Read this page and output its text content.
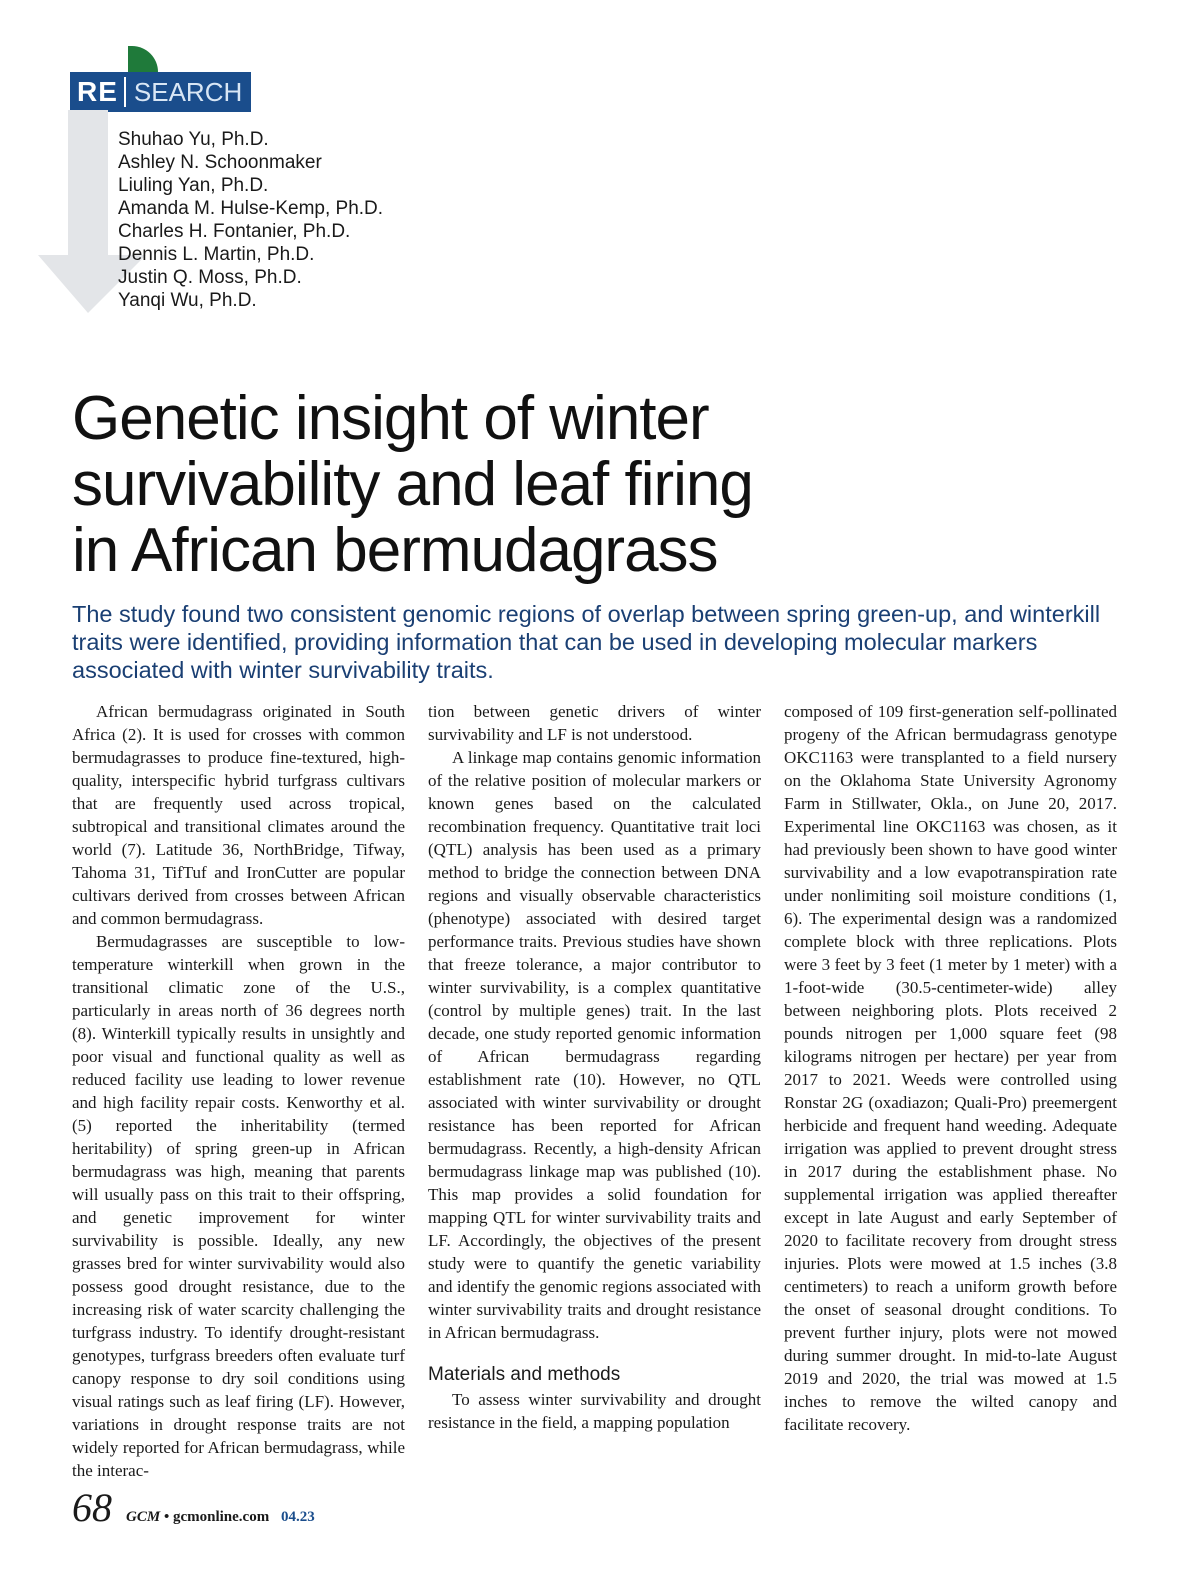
RE SEARCH
Shuhao Yu, Ph.D.
Ashley N. Schoonmaker
Liuling Yan, Ph.D.
Amanda M. Hulse-Kemp, Ph.D.
Charles H. Fontanier, Ph.D.
Dennis L. Martin, Ph.D.
Justin Q. Moss, Ph.D.
Yanqi Wu, Ph.D.
Genetic insight of winter
survivability and leaf firing
in African bermudagrass

The study found two consistent genomic regions of overlap between spring green-up, and winterkill traits were identified, providing information that can be used in developing molecular markers associated with winter survivability traits.

African bermudagrass originated in South Africa (2). It is used for crosses with common bermudagrasses to produce fine-textured, high-quality, interspecific hybrid turfgrass cultivars that are frequently used across tropical, subtropical and transitional climates around the world (7). Latitude 36, NorthBridge, Tifway, Tahoma 31, TifTuf and IronCutter are popular cultivars derived from crosses between African and common bermudagrass.

Bermudagrasses are susceptible to low-temperature winterkill when grown in the transitional climatic zone of the U.S., particularly in areas north of 36 degrees north (8). Winterkill typically results in unsightly and poor visual and functional quality as well as reduced facility use leading to lower revenue and high facility repair costs. Kenworthy et al. (5) reported the inheritability (termed heritability) of spring green-up in African bermudagrass was high, meaning that parents will usually pass on this trait to their offspring, and genetic improvement for winter survivability is possible. Ideally, any new grasses bred for winter survivability would also possess good drought resistance, due to the increasing risk of water scarcity challenging the turfgrass industry. To identify drought-resistant genotypes, turfgrass breeders often evaluate turf canopy response to dry soil conditions using visual ratings such as leaf firing (LF). However, variations in drought response traits are not widely reported for African bermudagrass, while the interac-

tion between genetic drivers of winter survivability and LF is not understood.

A linkage map contains genomic information of the relative position of molecular markers or known genes based on the calculated recombination frequency. Quantitative trait loci (QTL) analysis has been used as a primary method to bridge the connection between DNA regions and visually observable characteristics (phenotype) associated with desired target performance traits. Previous studies have shown that freeze tolerance, a major contributor to winter survivability, is a complex quantitative (control by multiple genes) trait. In the last decade, one study reported genomic information of African bermudagrass regarding establishment rate (10). However, no QTL associated with winter survivability or drought resistance has been reported for African bermudagrass. Recently, a high-density African bermudagrass linkage map was published (10). This map provides a solid foundation for mapping QTL for winter survivability traits and LF. Accordingly, the objectives of the present study were to quantify the genetic variability and identify the genomic regions associated with winter survivability traits and drought resistance in African bermudagrass.

Materials and methods

To assess winter survivability and drought resistance in the field, a mapping population

composed of 109 first-generation self-pollinated progeny of the African bermudagrass genotype OKC1163 were transplanted to a field nursery on the Oklahoma State University Agronomy Farm in Stillwater, Okla., on June 20, 2017. Experimental line OKC1163 was chosen, as it had previously been shown to have good winter survivability and a low evapotranspiration rate under nonlimiting soil moisture conditions (1, 6). The experimental design was a randomized complete block with three replications. Plots were 3 feet by 3 feet (1 meter by 1 meter) with a 1-foot-wide (30.5-centimeter-wide) alley between neighboring plots. Plots received 2 pounds nitrogen per 1,000 square feet (98 kilograms nitrogen per hectare) per year from 2017 to 2021. Weeds were controlled using Ronstar 2G (oxadiazon; Quali-Pro) preemergent herbicide and frequent hand weeding. Adequate irrigation was applied to prevent drought stress in 2017 during the establishment phase. No supplemental irrigation was applied thereafter except in late August and early September of 2020 to facilitate recovery from drought stress injuries. Plots were mowed at 1.5 inches (3.8 centimeters) to reach a uniform growth before the onset of seasonal drought conditions. To prevent further injury, plots were not mowed during summer drought. In mid-to-late August 2019 and 2020, the trial was mowed at 1.5 inches to remove the wilted canopy and facilitate recovery.

68 GCM • gcmonline.com 04.23
